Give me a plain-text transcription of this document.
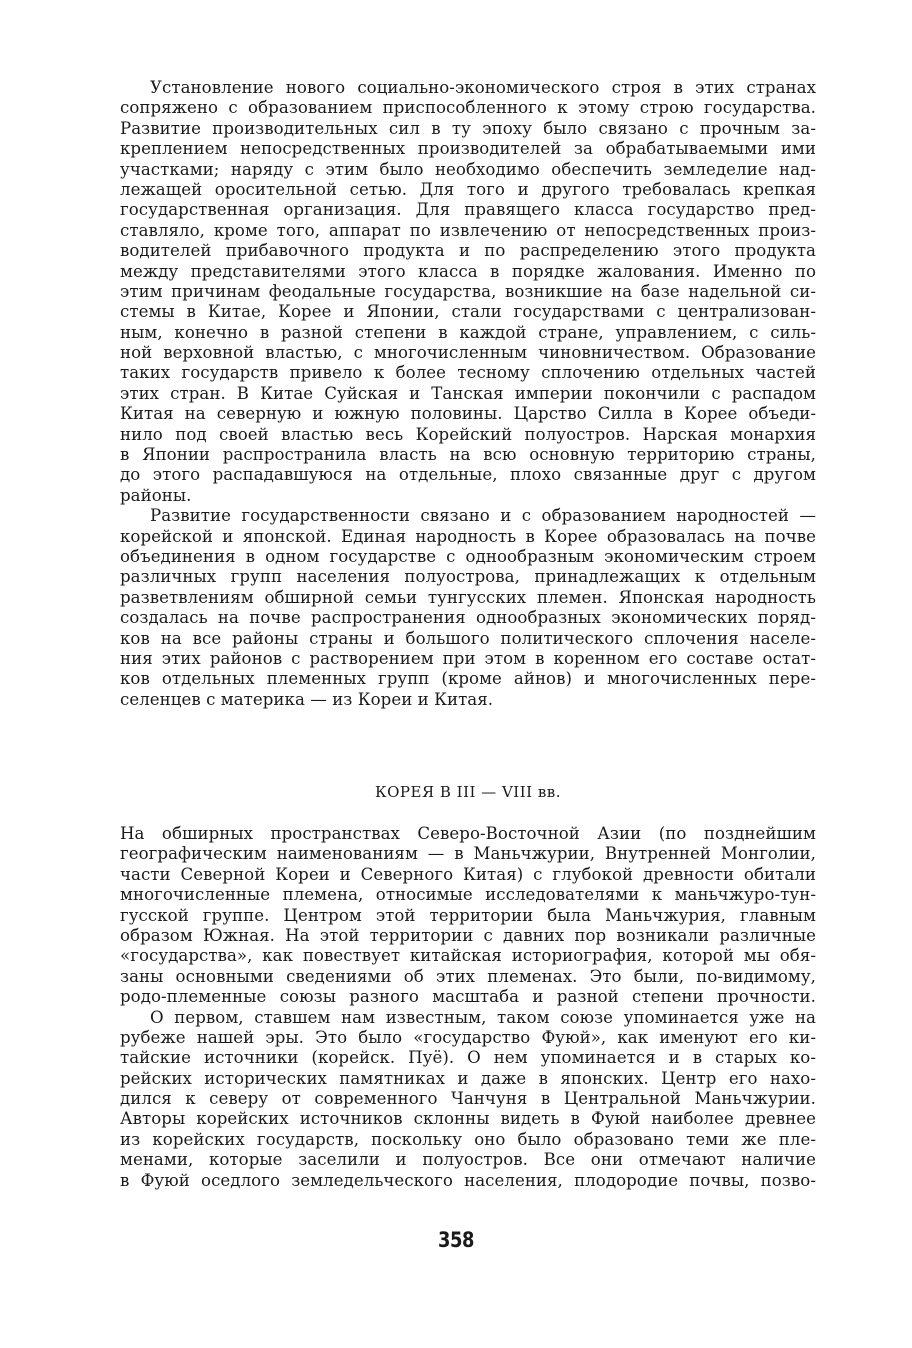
Установление нового социально-экономического строя в этих странах
сопряжено с образованием приспособленного к этому строю государства.
Развитие производительных сил в ту эпоху было связано с прочным за-
креплением непосредственных производителей за обрабатываемыми ими
участками; наряду с этим было необходимо обеспечить земледелие над-
лежащей оросительной сетью. Для того и другого требовалась крепкая
государственная организация. Для правящего класса государство пред-
ставляло, кроме того, аппарат по извлечению от непосредственных произ-
водителей прибавочного продукта и по распределению этого продукта
между представителями этого класса в порядке жалования. Именно по
этим причинам феодальные государства, возникшие на базе надельной си-
стемы в Китае, Корее и Японии, стали государствами с централизован-
ным, конечно в разной степени в каждой стране, управлением, с силь-
ной верховной властью, с многочисленным чиновничеством. Образование
таких государств привело к более тесному сплочению отдельных частей
этих стран. В Китае Суйская и Танская империи покончили с распадом
Китая на северную и южную половины. Царство Силла в Корее объеди-
нило под своей властью весь Корейский полуостров. Нарская монархия
в Японии распространила власть на всю основную территорию страны,
до этого распадавшуюся на отдельные, плохо связанные друг с другом
районы.
Развитие государственности связано и с образованием народностей —
корейской и японской. Единая народность в Корее образовалась на почве
объединения в одном государстве с однообразным экономическим строем
различных групп населения полуострова, принадлежащих к отдельным
разветвлениям обширной семьи тунгусских племен. Японская народность
создалась на почве распространения однообразных экономических поряд-
ков на все районы страны и большого политического сплочения населе-
ния этих районов с растворением при этом в коренном его составе остат-
ков отдельных племенных групп (кроме айнов) и многочисленных пере-
селенцев с материка — из Кореи и Китая.
КОРЕЯ В III — VIII вв.
На обширных пространствах Северо-Восточной Азии (по позднейшим
географическим наименованиям — в Маньчжурии, Внутренней Монголии,
части Северной Кореи и Северного Китая) с глубокой древности обитали
многочисленные племена, относимые исследователями к маньчжуро-тун-
гусской группе. Центром этой территории была Маньчжурия, главным
образом Южная. На этой территории с давних пор возникали различные
«государства», как повествует китайская историография, которой мы обя-
заны основными сведениями об этих племенах. Это были, по-видимому,
родо-племенные союзы разного масштаба и разной степени прочности.
О первом, ставшем нам известным, таком союзе упоминается уже на
рубеже нашей эры. Это было «государство Фуюй», как именуют его ки-
тайские источники (корейск. Пуё). О нем упоминается и в старых ко-
рейских исторических памятниках и даже в японских. Центр его нахо-
дился к северу от современного Чанчуня в Центральной Маньчжурии.
Авторы корейских источников склонны видеть в Фуюй наиболее древнее
из корейских государств, поскольку оно было образовано теми же пле-
менами, которые заселили и полуостров. Все они отмечают наличие
в Фуюй оседлого земледельческого населения, плодородие почвы, позво-
358
